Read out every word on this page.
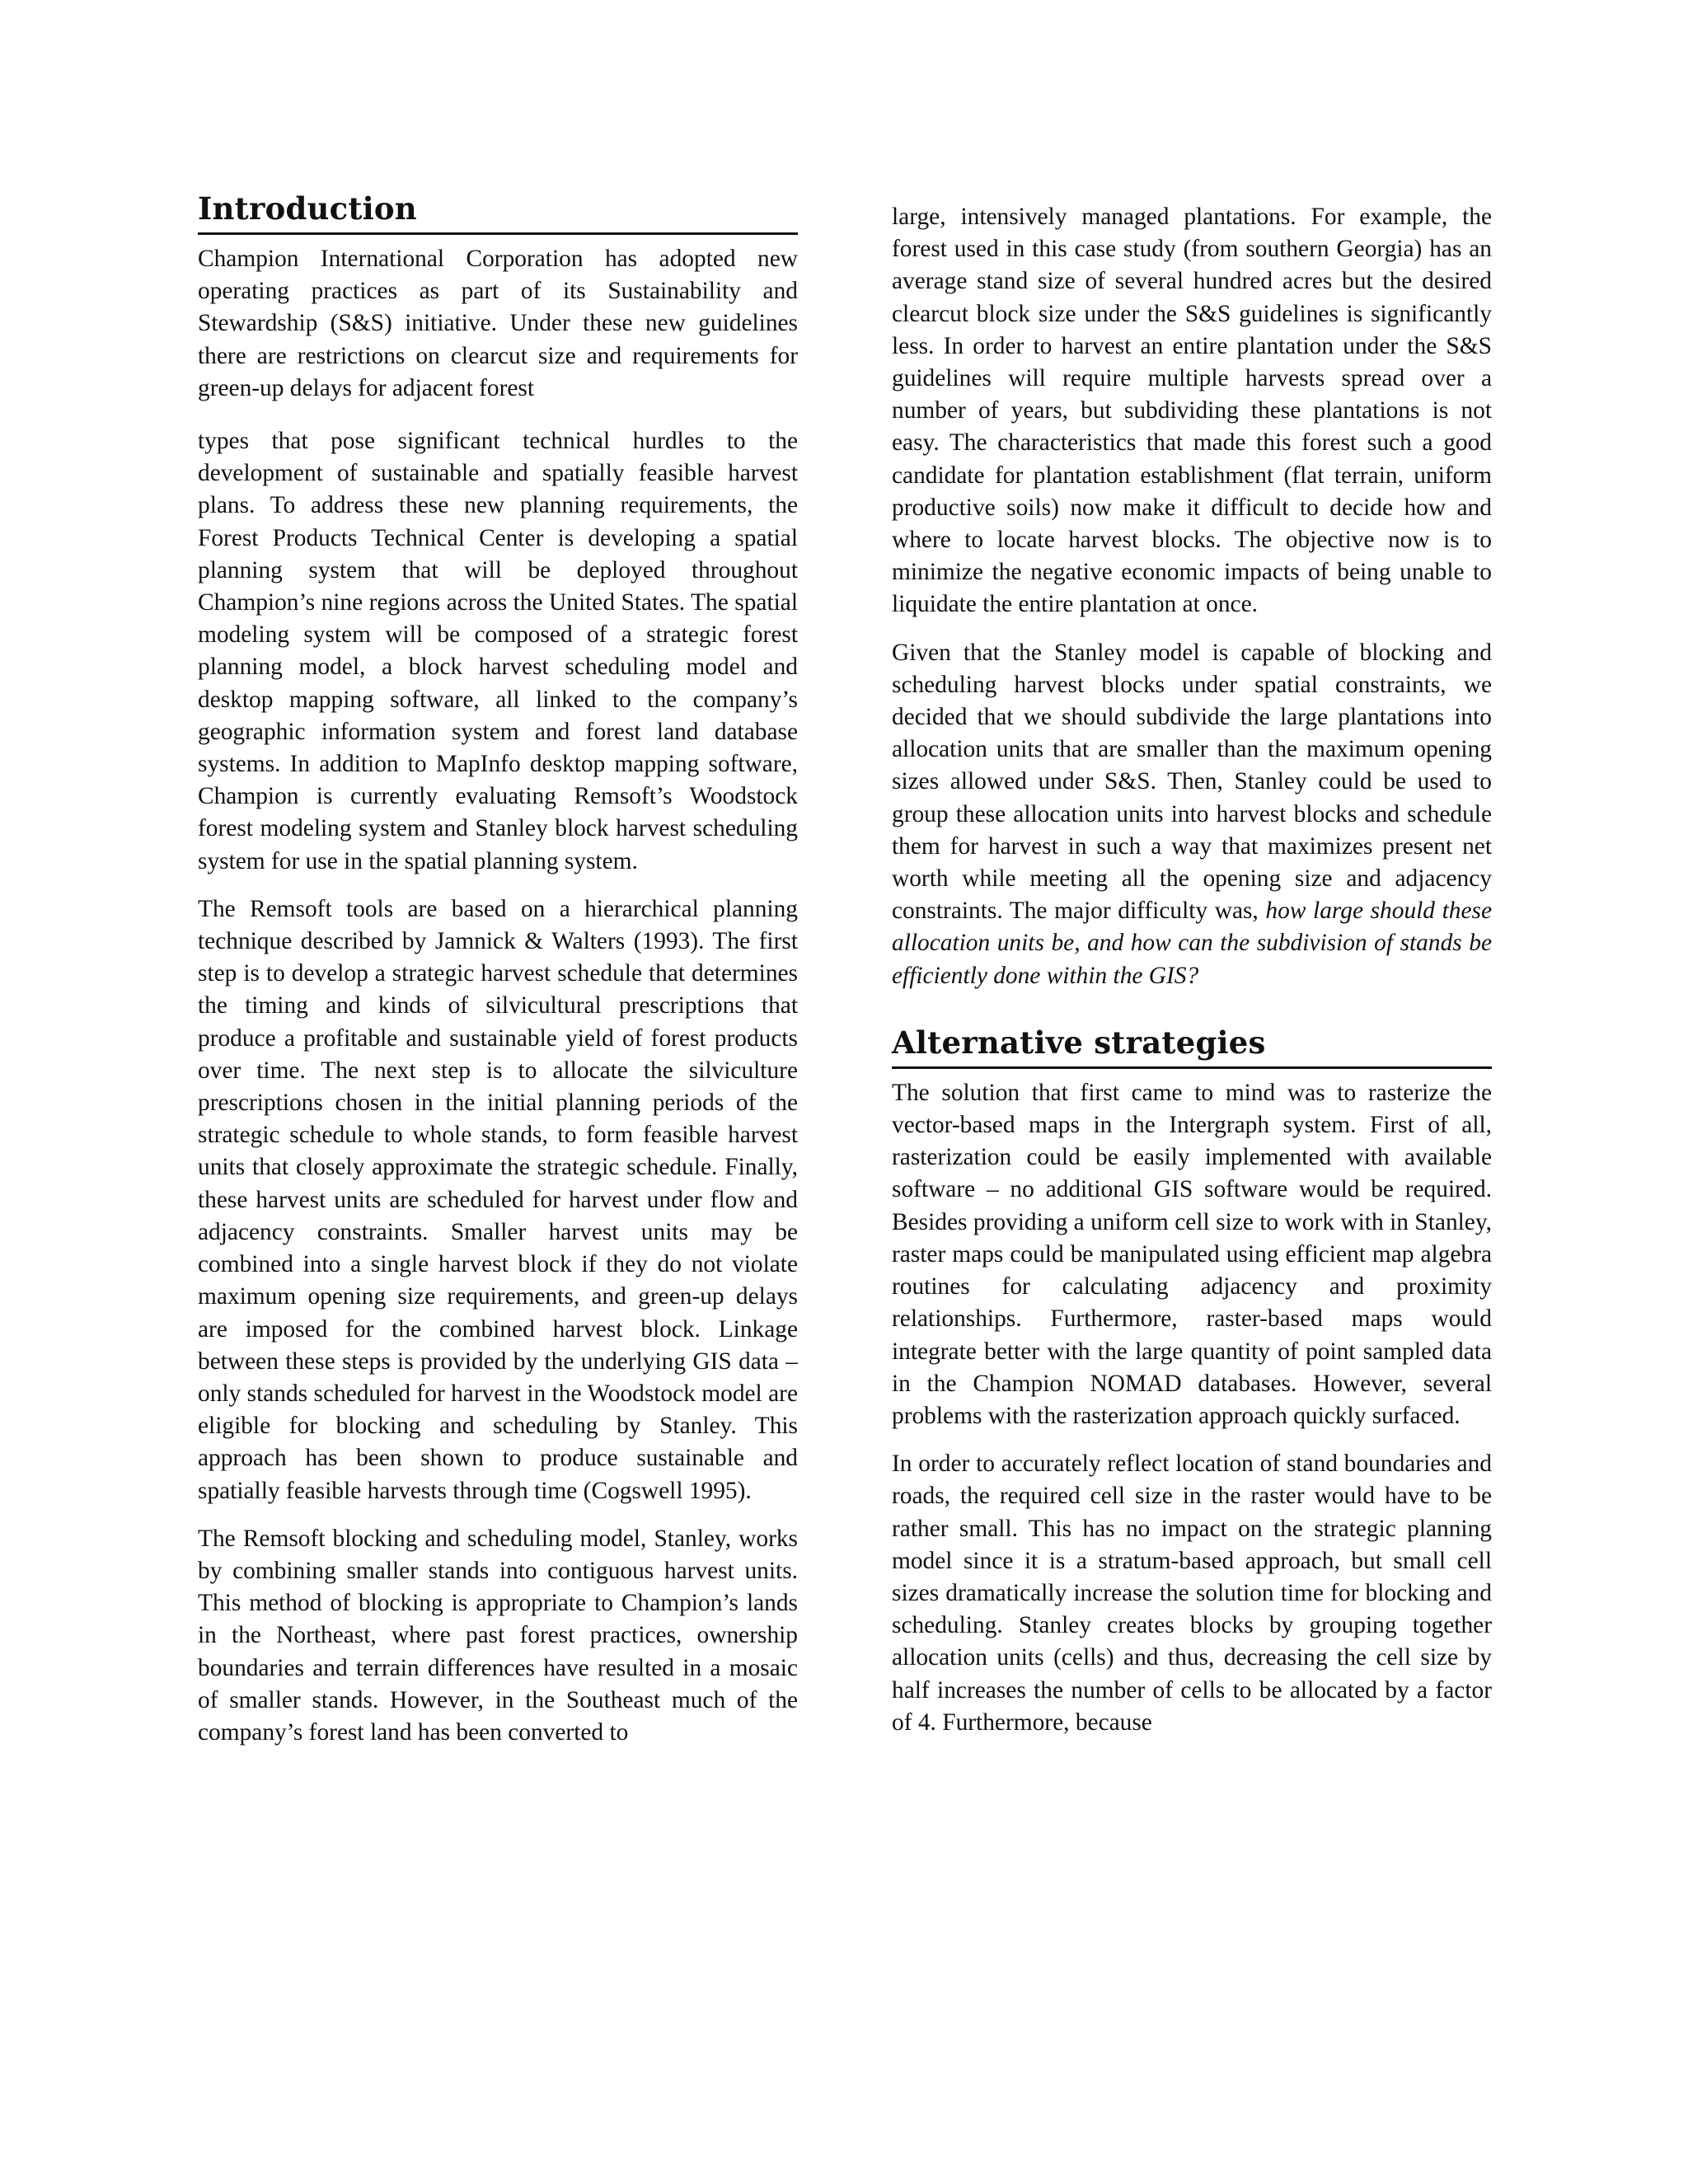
Introduction

Champion International Corporation has adopted new operating practices as part of its Sustainability and Stewardship (S&S) initiative. Under these new guidelines there are restrictions on clearcut size and requirements for green-up delays for adjacent forest

types that pose significant technical hurdles to the development of sustainable and spatially feasible harvest plans. To address these new planning requirements, the Forest Products Technical Center is developing a spatial planning system that will be deployed throughout Champion’s nine regions across the United States. The spatial modeling system will be composed of a strategic forest planning model, a block harvest scheduling model and desktop mapping software, all linked to the company’s geographic information system and forest land database systems. In addition to MapInfo desktop mapping software, Champion is currently evaluating Remsoft’s Woodstock forest modeling system and Stanley block harvest scheduling system for use in the spatial planning system.

The Remsoft tools are based on a hierarchical planning technique described by Jamnick & Walters (1993). The first step is to develop a strategic harvest schedule that determines the timing and kinds of silvicultural prescriptions that produce a profitable and sustainable yield of forest products over time. The next step is to allocate the silviculture prescriptions chosen in the initial planning periods of the strategic schedule to whole stands, to form feasible harvest units that closely approximate the strategic schedule. Finally, these harvest units are scheduled for harvest under flow and adjacency constraints. Smaller harvest units may be combined into a single harvest block if they do not violate maximum opening size requirements, and green-up delays are imposed for the combined harvest block. Linkage between these steps is provided by the underlying GIS data – only stands scheduled for harvest in the Woodstock model are eligible for blocking and scheduling by Stanley. This approach has been shown to produce sustainable and spatially feasible harvests through time (Cogswell 1995).

The Remsoft blocking and scheduling model, Stanley, works by combining smaller stands into contiguous harvest units. This method of blocking is appropriate to Champion’s lands in the Northeast, where past forest practices, ownership boundaries and terrain differences have resulted in a mosaic of smaller stands. However, in the Southeast much of the company’s forest land has been converted to

large, intensively managed plantations. For example, the forest used in this case study (from southern Georgia) has an average stand size of several hundred acres but the desired clearcut block size under the S&S guidelines is significantly less. In order to harvest an entire plantation under the S&S guidelines will require multiple harvests spread over a number of years, but subdividing these plantations is not easy. The characteristics that made this forest such a good candidate for plantation establishment (flat terrain, uniform productive soils) now make it difficult to decide how and where to locate harvest blocks. The objective now is to minimize the negative economic impacts of being unable to liquidate the entire plantation at once.

Given that the Stanley model is capable of blocking and scheduling harvest blocks under spatial constraints, we decided that we should subdivide the large plantations into allocation units that are smaller than the maximum opening sizes allowed under S&S. Then, Stanley could be used to group these allocation units into harvest blocks and schedule them for harvest in such a way that maximizes present net worth while meeting all the opening size and adjacency constraints. The major difficulty was, how large should these allocation units be, and how can the subdivision of stands be efficiently done within the GIS?

Alternative strategies

The solution that first came to mind was to rasterize the vector-based maps in the Intergraph system. First of all, rasterization could be easily implemented with available software – no additional GIS software would be required. Besides providing a uniform cell size to work with in Stanley, raster maps could be manipulated using efficient map algebra routines for calculating adjacency and proximity relationships. Furthermore, raster-based maps would integrate better with the large quantity of point sampled data in the Champion NOMAD databases. However, several problems with the rasterization approach quickly surfaced.

In order to accurately reflect location of stand boundaries and roads, the required cell size in the raster would have to be rather small. This has no impact on the strategic planning model since it is a stratum-based approach, but small cell sizes dramatically increase the solution time for blocking and scheduling. Stanley creates blocks by grouping together allocation units (cells) and thus, decreasing the cell size by half increases the number of cells to be allocated by a factor of 4. Furthermore, because
